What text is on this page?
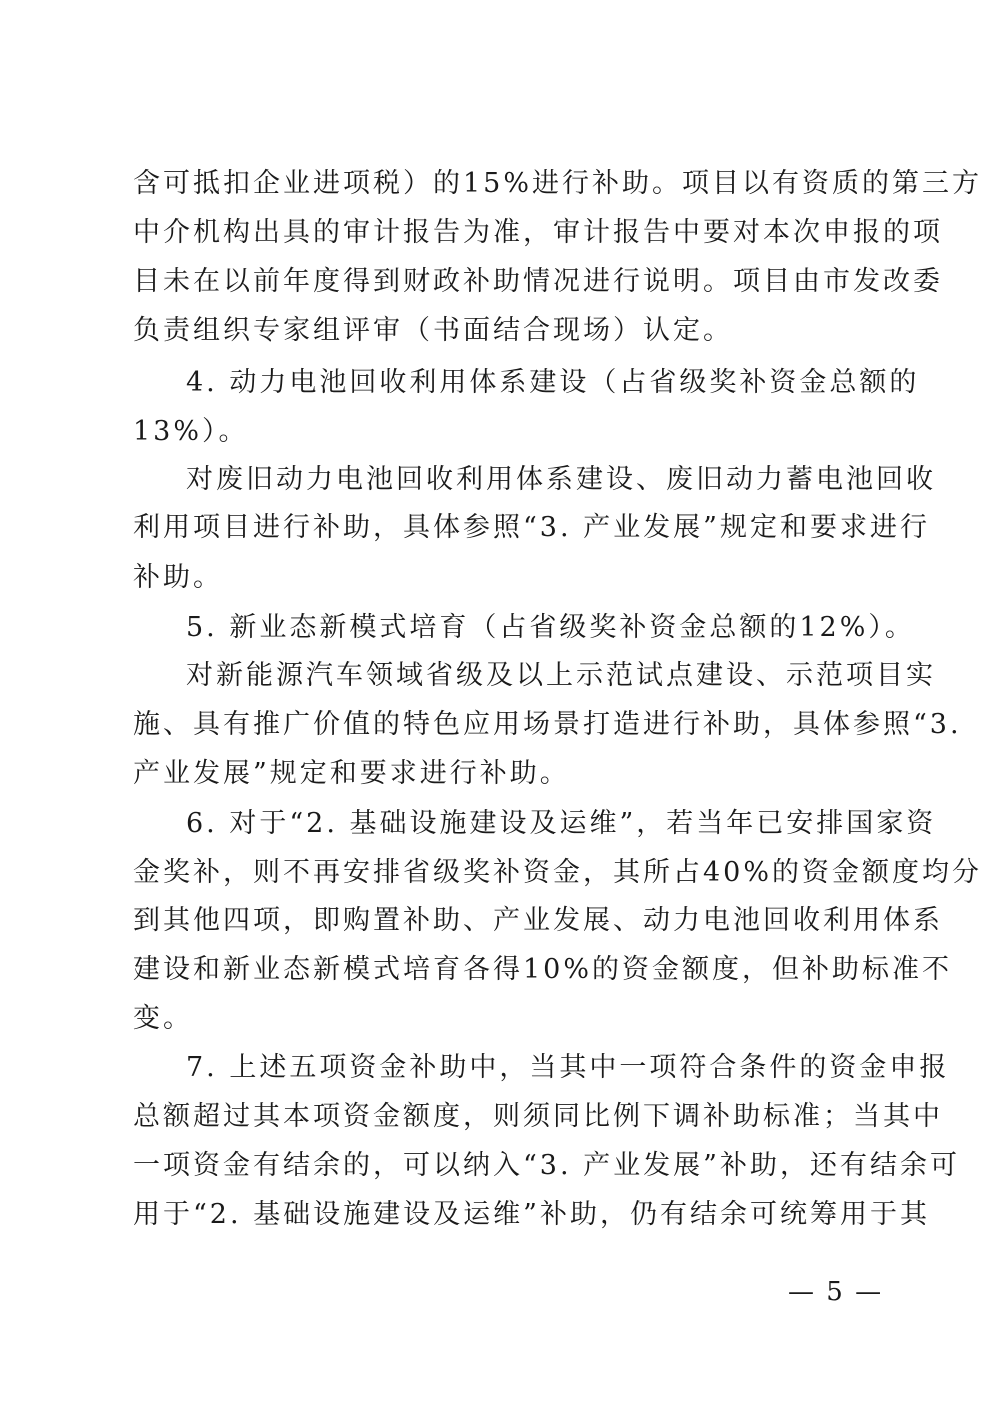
含可抵扣企业进项税）的15%进行补助。项目以有资质的第三方
中介机构出具的审计报告为准，审计报告中要对本次申报的项
目未在以前年度得到财政补助情况进行说明。项目由市发改委
负责组织专家组评审（书面结合现场）认定。
4. 动力电池回收利用体系建设（占省级奖补资金总额的
13%）。
对废旧动力电池回收利用体系建设、废旧动力蓄电池回收
利用项目进行补助，具体参照“3. 产业发展”规定和要求进行
补助。
5. 新业态新模式培育（占省级奖补资金总额的12%）。
对新能源汽车领域省级及以上示范试点建设、示范项目实
施、具有推广价值的特色应用场景打造进行补助，具体参照“3.
产业发展”规定和要求进行补助。
6. 对于“2. 基础设施建设及运维”，若当年已安排国家资
金奖补，则不再安排省级奖补资金，其所占40%的资金额度均分
到其他四项，即购置补助、产业发展、动力电池回收利用体系
建设和新业态新模式培育各得10%的资金额度，但补助标准不
变。
7. 上述五项资金补助中，当其中一项符合条件的资金申报
总额超过其本项资金额度，则须同比例下调补助标准；当其中
一项资金有结余的，可以纳入“3. 产业发展”补助，还有结余可
用于“2. 基础设施建设及运维”补助，仍有结余可统筹用于其
— 5 —
